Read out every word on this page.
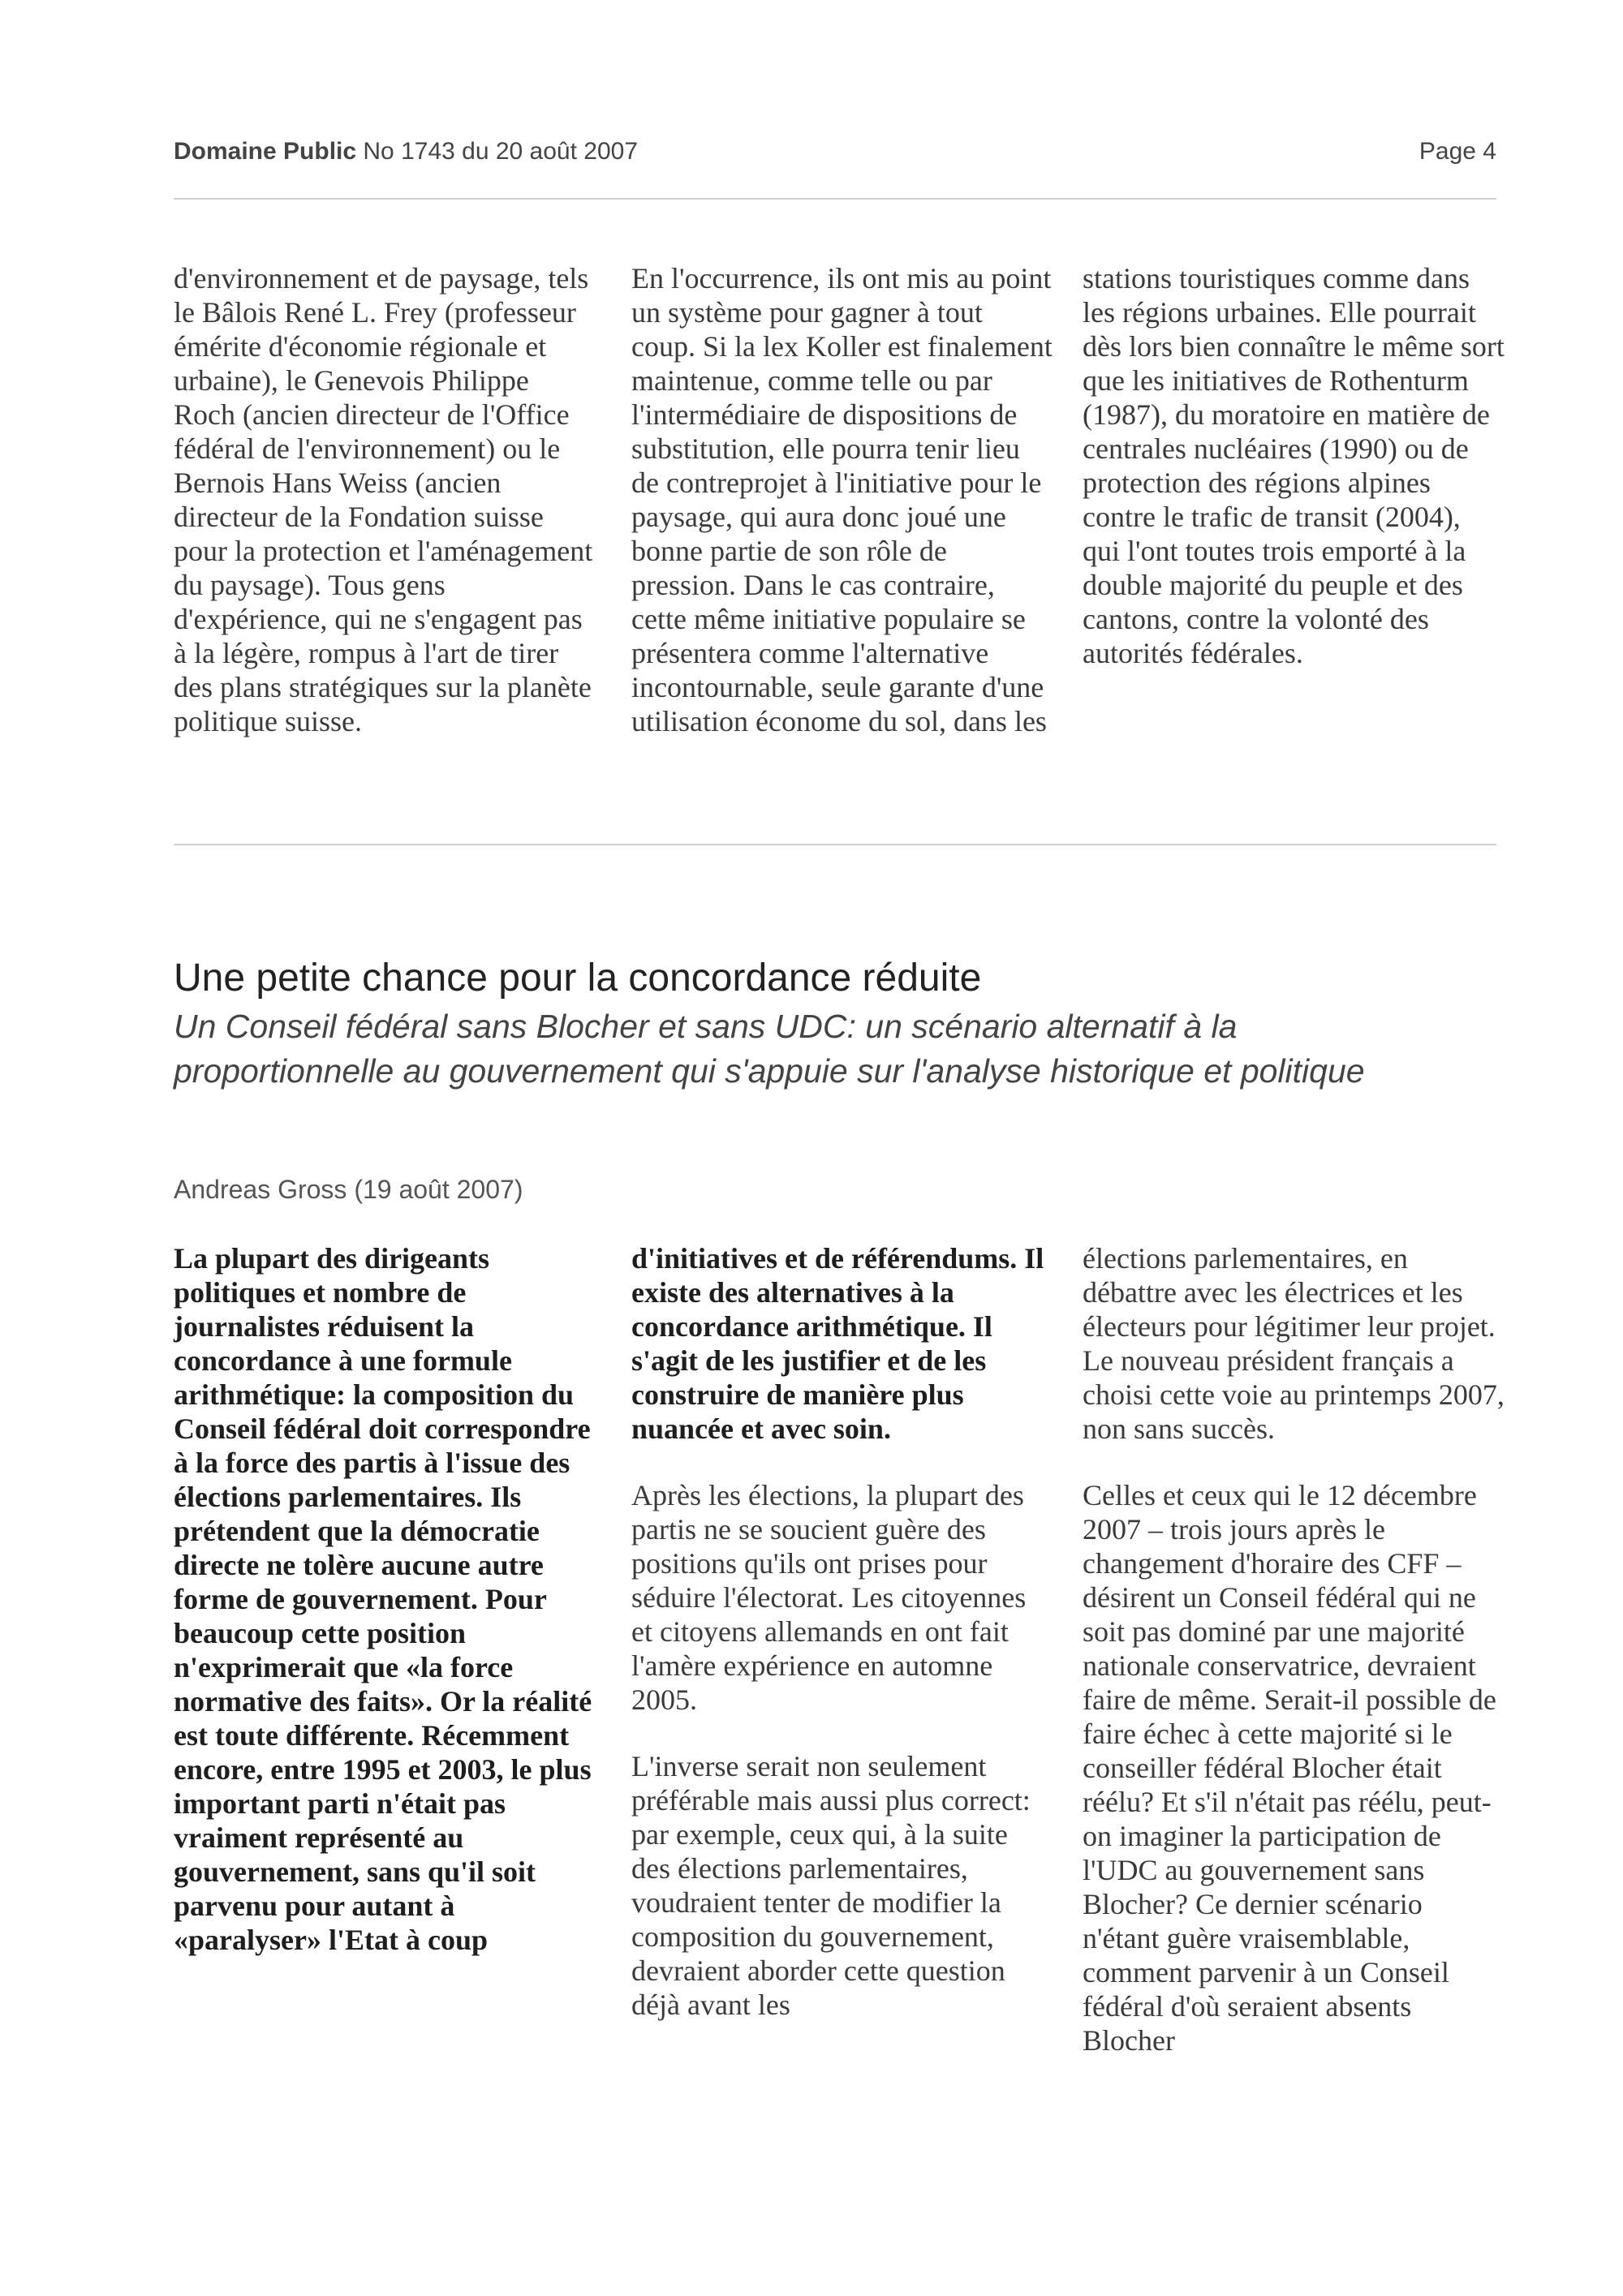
Domaine Public No 1743 du 20 août 2007	Page 4

d'environnement et de paysage, tels le Bâlois René L. Frey (professeur émérite d'économie régionale et urbaine), le Genevois Philippe Roch (ancien directeur de l'Office fédéral de l'environnement) ou le Bernois Hans Weiss (ancien directeur de la Fondation suisse pour la protection et l'aménagement du paysage). Tous gens d'expérience, qui ne s'engagent pas à la légère, rompus à l'art de tirer des plans stratégiques sur la planète politique suisse.

En l'occurrence, ils ont mis au point un système pour gagner à tout coup. Si la lex Koller est finalement maintenue, comme telle ou par l'intermédiaire de dispositions de substitution, elle pourra tenir lieu de contreprojet à l'initiative pour le paysage, qui aura donc joué une bonne partie de son rôle de pression. Dans le cas contraire, cette même initiative populaire se présentera comme l'alternative incontournable, seule garante d'une utilisation économe du sol, dans les

stations touristiques comme dans les régions urbaines. Elle pourrait dès lors bien connaître le même sort que les initiatives de Rothenturm (1987), du moratoire en matière de centrales nucléaires (1990) ou de protection des régions alpines contre le trafic de transit (2004), qui l'ont toutes trois emporté à la double majorité du peuple et des cantons, contre la volonté des autorités fédérales.

Une petite chance pour la concordance réduite
Un Conseil fédéral sans Blocher et sans UDC: un scénario alternatif à la proportionnelle au gouvernement qui s'appuie sur l'analyse historique et politique
Andreas Gross (19 août 2007)

La plupart des dirigeants politiques et nombre de journalistes réduisent la concordance à une formule arithmétique: la composition du Conseil fédéral doit correspondre à la force des partis à l'issue des élections parlementaires. Ils prétendent que la démocratie directe ne tolère aucune autre forme de gouvernement. Pour beaucoup cette position n'exprimerait que «la force normative des faits». Or la réalité est toute différente. Récemment encore, entre 1995 et 2003, le plus important parti n'était pas vraiment représenté au gouvernement, sans qu'il soit parvenu pour autant à «paralyser» l'Etat à coup

d'initiatives et de référendums. Il existe des alternatives à la concordance arithmétique. Il s'agit de les justifier et de les construire de manière plus nuancée et avec soin.

Après les élections, la plupart des partis ne se soucient guère des positions qu'ils ont prises pour séduire l'électorat. Les citoyennes et citoyens allemands en ont fait l'amère expérience en automne 2005.

L'inverse serait non seulement préférable mais aussi plus correct: par exemple, ceux qui, à la suite des élections parlementaires, voudraient tenter de modifier la composition du gouvernement, devraient aborder cette question déjà avant les

élections parlementaires, en débattre avec les électrices et les électeurs pour légitimer leur projet. Le nouveau président français a choisi cette voie au printemps 2007, non sans succès.

Celles et ceux qui le 12 décembre 2007 – trois jours après le changement d'horaire des CFF – désirent un Conseil fédéral qui ne soit pas dominé par une majorité nationale conservatrice, devraient faire de même. Serait-il possible de faire échec à cette majorité si le conseiller fédéral Blocher était réélu? Et s'il n'était pas réélu, peut-on imaginer la participation de l'UDC au gouvernement sans Blocher? Ce dernier scénario n'étant guère vraisemblable, comment parvenir à un Conseil fédéral d'où seraient absents Blocher
